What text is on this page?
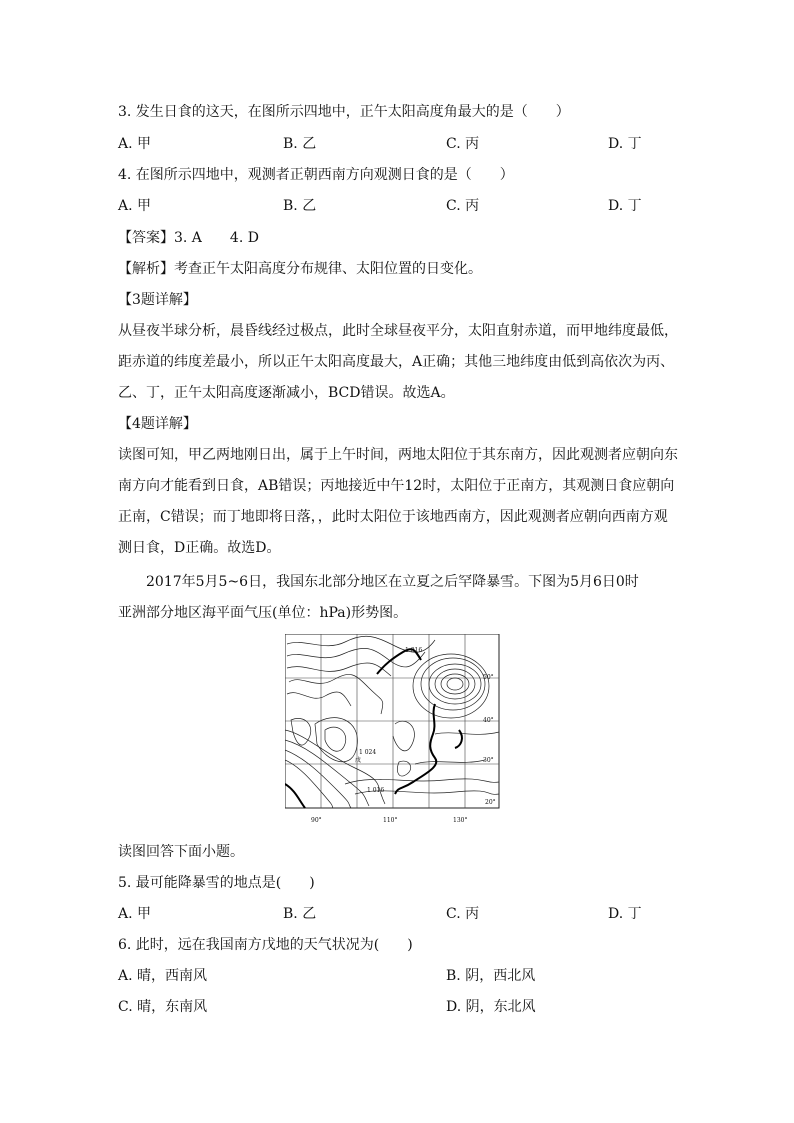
3. 发生日食的这天，在图所示四地中，正午太阳高度角最大的是（　　）
A. 甲	B. 乙	C. 丙	D. 丁
4. 在图所示四地中，观测者正朝西南方向观测日食的是（　　）
A. 甲	B. 乙	C. 丙	D. 丁
【答案】3. A　　4. D
【解析】考查正午太阳高度分布规律、太阳位置的日变化。
【3题详解】
从昼夜半球分析，晨昏线经过极点，此时全球昼夜平分，太阳直射赤道，而甲地纬度最低，
距赤道的纬度差最小，所以正午太阳高度最大，A正确；其他三地纬度由低到高依次为丙、
乙、丁，正午太阳高度逐渐减小，BCD错误。故选A。
【4题详解】
读图可知，甲乙两地刚日出，属于上午时间，两地太阳位于其东南方，因此观测者应朝向东
南方向才能看到日食，AB错误；丙地接近中午12时，太阳位于正南方，其观测日食应朝向
正南，C错误；而丁地即将日落，，此时太阳位于该地西南方，因此观测者应朝向西南方观
测日食，D正确。故选D。
2017年5月5~6日，我国东北部分地区在立夏之后罕降暴雪。下图为5月6日0时
亚洲部分地区海平面气压(单位：hPa)形势图。
1 016
1 024
1 016
戊
50°
40°
30°
20°
90°	110°	130°
读图回答下面小题。
5. 最可能降暴雪的地点是(　　)
A. 甲	B. 乙	C. 丙	D. 丁
6. 此时，远在我国南方戊地的天气状况为(　　)
A. 晴，西南风	B. 阴，西北风
C. 晴，东南风	D. 阴，东北风
